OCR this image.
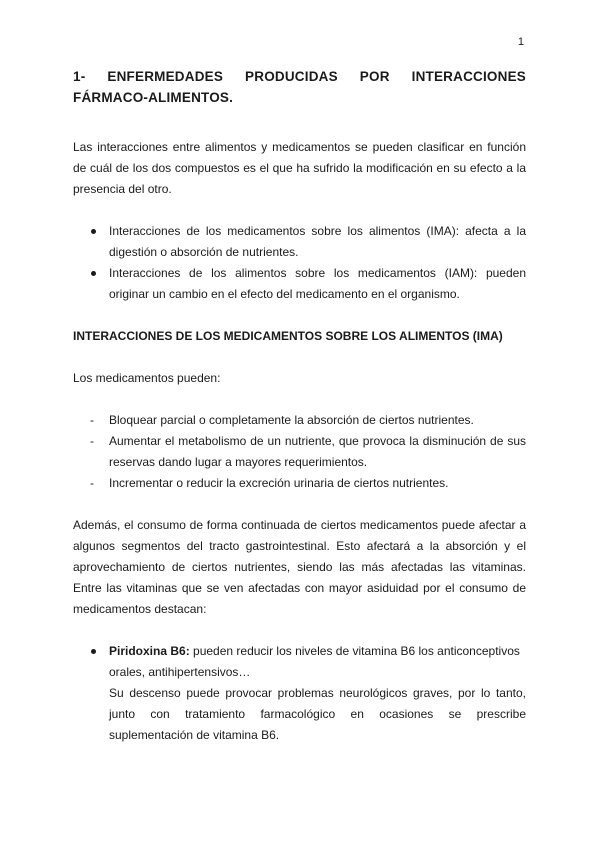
1
1- ENFERMEDADES PRODUCIDAS POR INTERACCIONES
FÁRMACO-ALIMENTOS.

Las interacciones entre alimentos y medicamentos se pueden clasificar en función de cuál de los dos compuestos es el que ha sufrido la modificación en su efecto a la presencia del otro.

Interacciones de los medicamentos sobre los alimentos (IMA): afecta a la digestión o absorción de nutrientes.
Interacciones de los alimentos sobre los medicamentos (IAM): pueden originar un cambio en el efecto del medicamento en el organismo.
INTERACCIONES DE LOS MEDICAMENTOS SOBRE LOS ALIMENTOS (IMA)

Los medicamentos pueden:

- Bloquear parcial o completamente la absorción de ciertos nutrientes.
- Aumentar el metabolismo de un nutriente, que provoca la disminución de sus reservas dando lugar a mayores requerimientos.
- Incrementar o reducir la excreción urinaria de ciertos nutrientes.

Además, el consumo de forma continuada de ciertos medicamentos puede afectar a algunos segmentos del tracto gastrointestinal. Esto afectará a la absorción y el aprovechamiento de ciertos nutrientes, siendo las más afectadas las vitaminas. Entre las vitaminas que se ven afectadas con mayor asiduidad por el consumo de medicamentos destacan:

Piridoxina B6: pueden reducir los niveles de vitamina B6 los anticonceptivos orales, antihipertensivos…
Su descenso puede provocar problemas neurológicos graves, por lo tanto, junto con tratamiento farmacológico en ocasiones se prescribe suplementación de vitamina B6.
